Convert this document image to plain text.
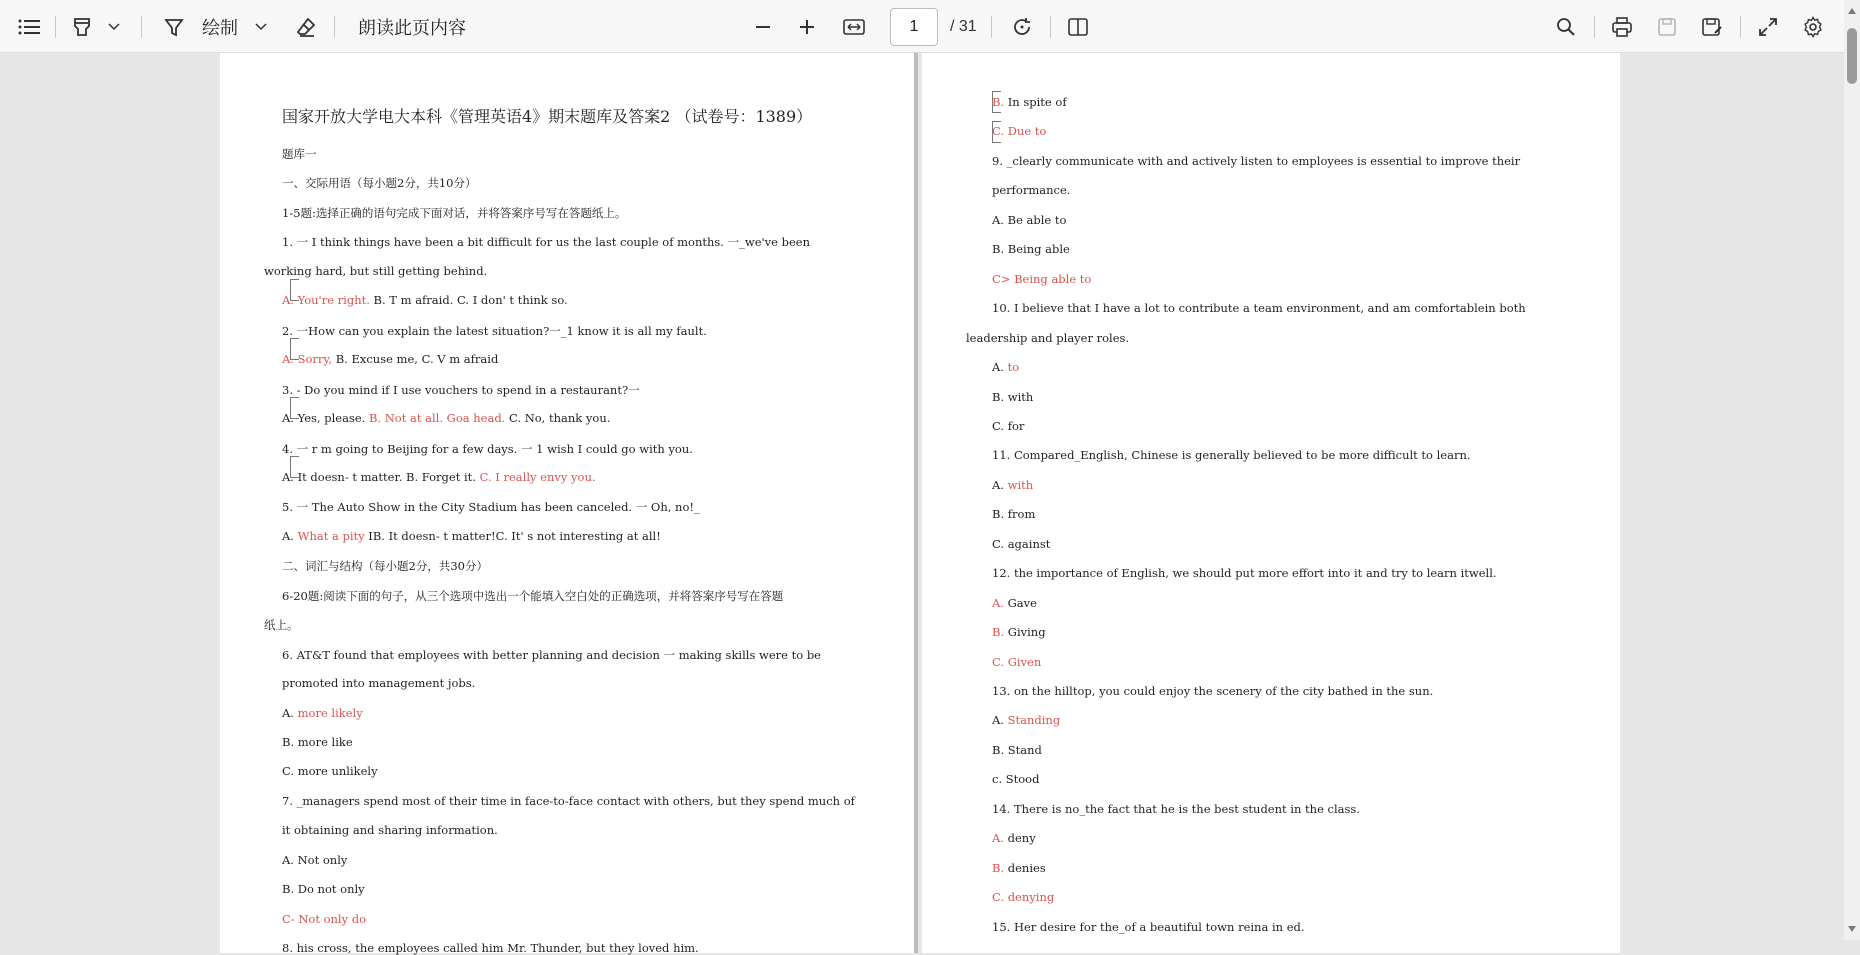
绘制	朗读此页内容	1	/ 31
国家开放大学电大本科《管理英语4》期末题库及答案2 （试卷号：1389）
题库一
一、交际用语（每小题2分，共10分）
1-5题:选择正确的语句完成下面对话，并将答案序号写在答题纸上。
1. 一 I think things have been a bit difficult for us the last couple of months. 一_we've been
working hard, but still getting behind.
A. You're right. B. T m afraid. C. I don' t think so.
2. 一How can you explain the latest situation?一_1 know it is all my fault.
A. Sorry, B. Excuse me, C. V m afraid
3. - Do you mind if I use vouchers to spend in a restaurant?一
A. Yes, please. B. Not at all. Goa head. C. No, thank you.
4. 一 r m going to Beijing for a few days. 一 1 wish I could go with you.
A. It doesn- t matter. B. Forget it. C. I really envy you.
5. 一 The Auto Show in the City Stadium has been canceled. 一 Oh, no!_
A. What a pity IB. It doesn- t matter!C. It' s not interesting at all!
二、词汇与结构（每小题2分，共30分）
6-20题:阅读下面的句子，从三个选项中选出一个能填入空白处的正确选项，并将答案序号写在答题
纸上。
6. AT&T found that employees with better planning and decision 一 making skills were to be
promoted into management jobs.
A. more likely
B. more like
C. more unlikely
7. _managers spend most of their time in face-to-face contact with others, but they spend much of
it obtaining and sharing information.
A. Not only
B. Do not only
C- Not only do
8. his cross, the employees called him Mr. Thunder, but they loved him.
B. In spite of
C. Due to
9. _clearly communicate with and actively listen to employees is essential to improve their
performance.
A. Be able to
B. Being able
C> Being able to
10. I believe that I have a lot to contribute a team environment, and am comfortablein both
leadership and player roles.
A. to
B. with
C. for
11. Compared_English, Chinese is generally believed to be more difficult to learn.
A. with
B. from
C. against
12. the importance of English, we should put more effort into it and try to learn itwell.
A. Gave
B. Giving
C. Given
13. on the hilltop, you could enjoy the scenery of the city bathed in the sun.
A. Standing
B. Stand
c. Stood
14. There is no_the fact that he is the best student in the class.
A. deny
B. denies
C. denying
15. Her desire for the_of a beautiful town reina in ed.
